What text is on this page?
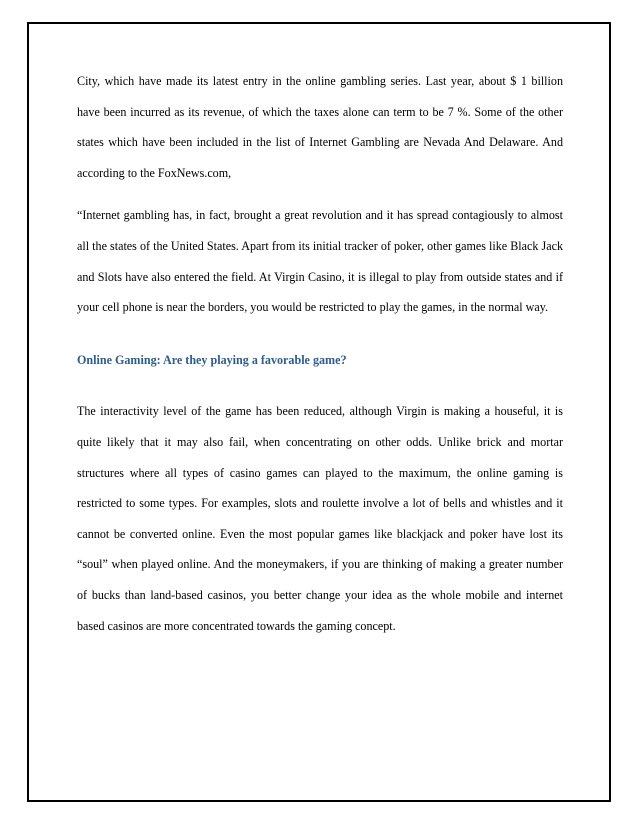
City, which have made its latest entry in the online gambling series. Last year, about $ 1 billion have been incurred as its revenue, of which the taxes alone can term to be 7 %. Some of the other states which have been included in the list of Internet Gambling are Nevada And Delaware. And according to the FoxNews.com,

“Internet gambling has, in fact, brought a great revolution and it has spread contagiously to almost all the states of the United States. Apart from its initial tracker of poker, other games like Black Jack and Slots have also entered the field. At Virgin Casino, it is illegal to play from outside states and if your cell phone is near the borders, you would be restricted to play the games, in the normal way.

Online Gaming: Are they playing a favorable game?

The interactivity level of the game has been reduced, although Virgin is making a houseful, it is quite likely that it may also fail, when concentrating on other odds. Unlike brick and mortar structures where all types of casino games can played to the maximum, the online gaming is restricted to some types. For examples, slots and roulette involve a lot of bells and whistles and it cannot be converted online. Even the most popular games like blackjack and poker have lost its “soul” when played online. And the moneymakers, if you are thinking of making a greater number of bucks than land-based casinos, you better change your idea as the whole mobile and internet based casinos are more concentrated towards the gaming concept.
